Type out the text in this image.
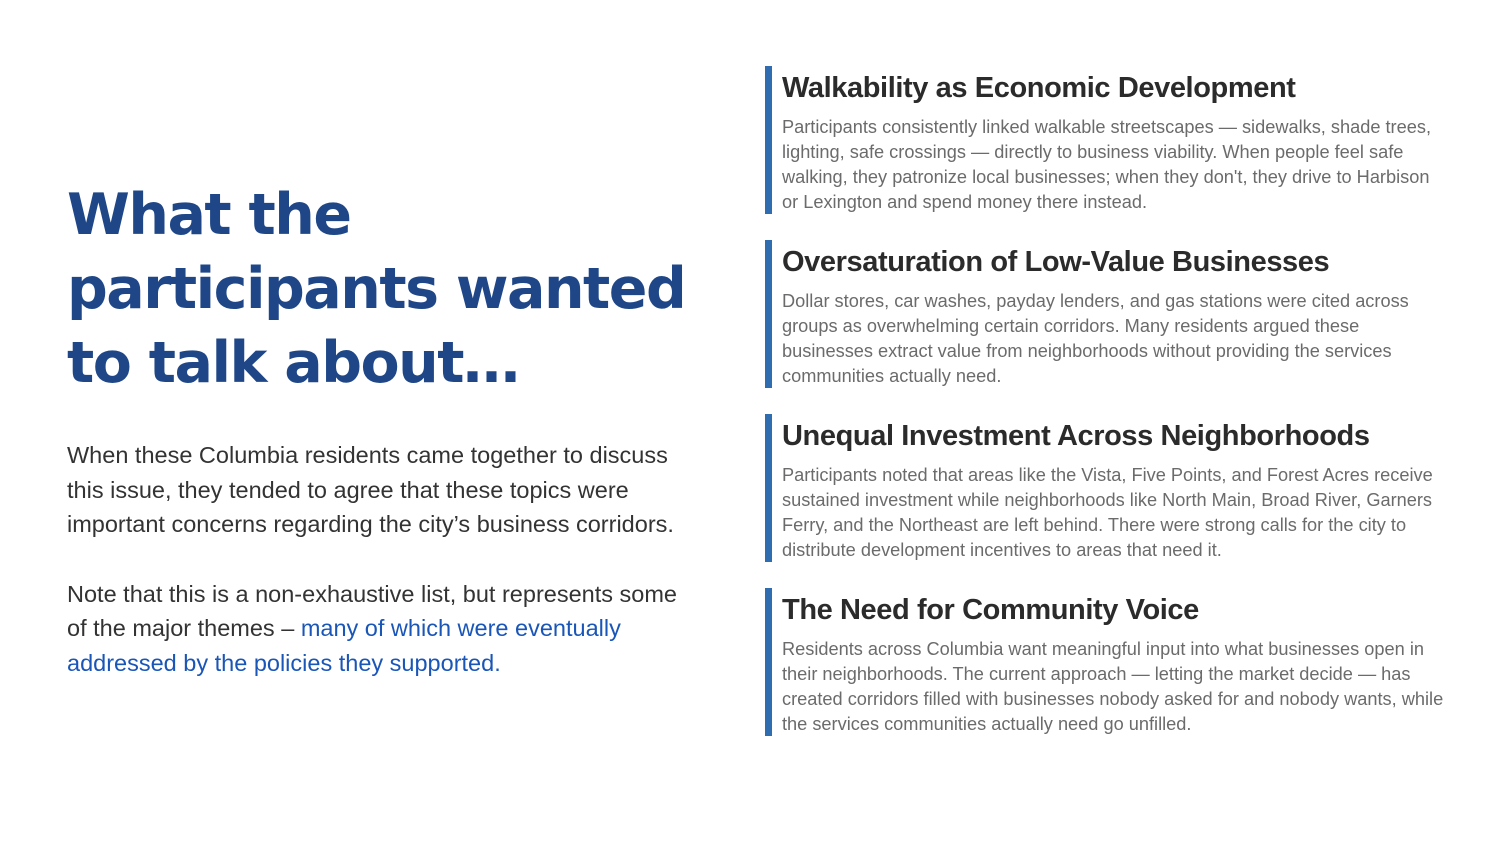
What the
participants wanted
to talk about…

When these Columbia residents came together to discuss this issue, they tended to agree that these topics were important concerns regarding the city’s business corridors.

Note that this is a non-exhaustive list, but represents some of the major themes – many of which were eventually addressed by the policies they supported.

Walkability as Economic Development

Participants consistently linked walkable streetscapes — sidewalks, shade trees, lighting, safe crossings — directly to business viability. When people feel safe walking, they patronize local businesses; when they don't, they drive to Harbison or Lexington and spend money there instead.

Oversaturation of Low-Value Businesses

Dollar stores, car washes, payday lenders, and gas stations were cited across groups as overwhelming certain corridors. Many residents argued these businesses extract value from neighborhoods without providing the services communities actually need.

Unequal Investment Across Neighborhoods

Participants noted that areas like the Vista, Five Points, and Forest Acres receive sustained investment while neighborhoods like North Main, Broad River, Garners Ferry, and the Northeast are left behind. There were strong calls for the city to distribute development incentives to areas that need it.

The Need for Community Voice

Residents across Columbia want meaningful input into what businesses open in their neighborhoods. The current approach — letting the market decide — has created corridors filled with businesses nobody asked for and nobody wants, while the services communities actually need go unfilled.
